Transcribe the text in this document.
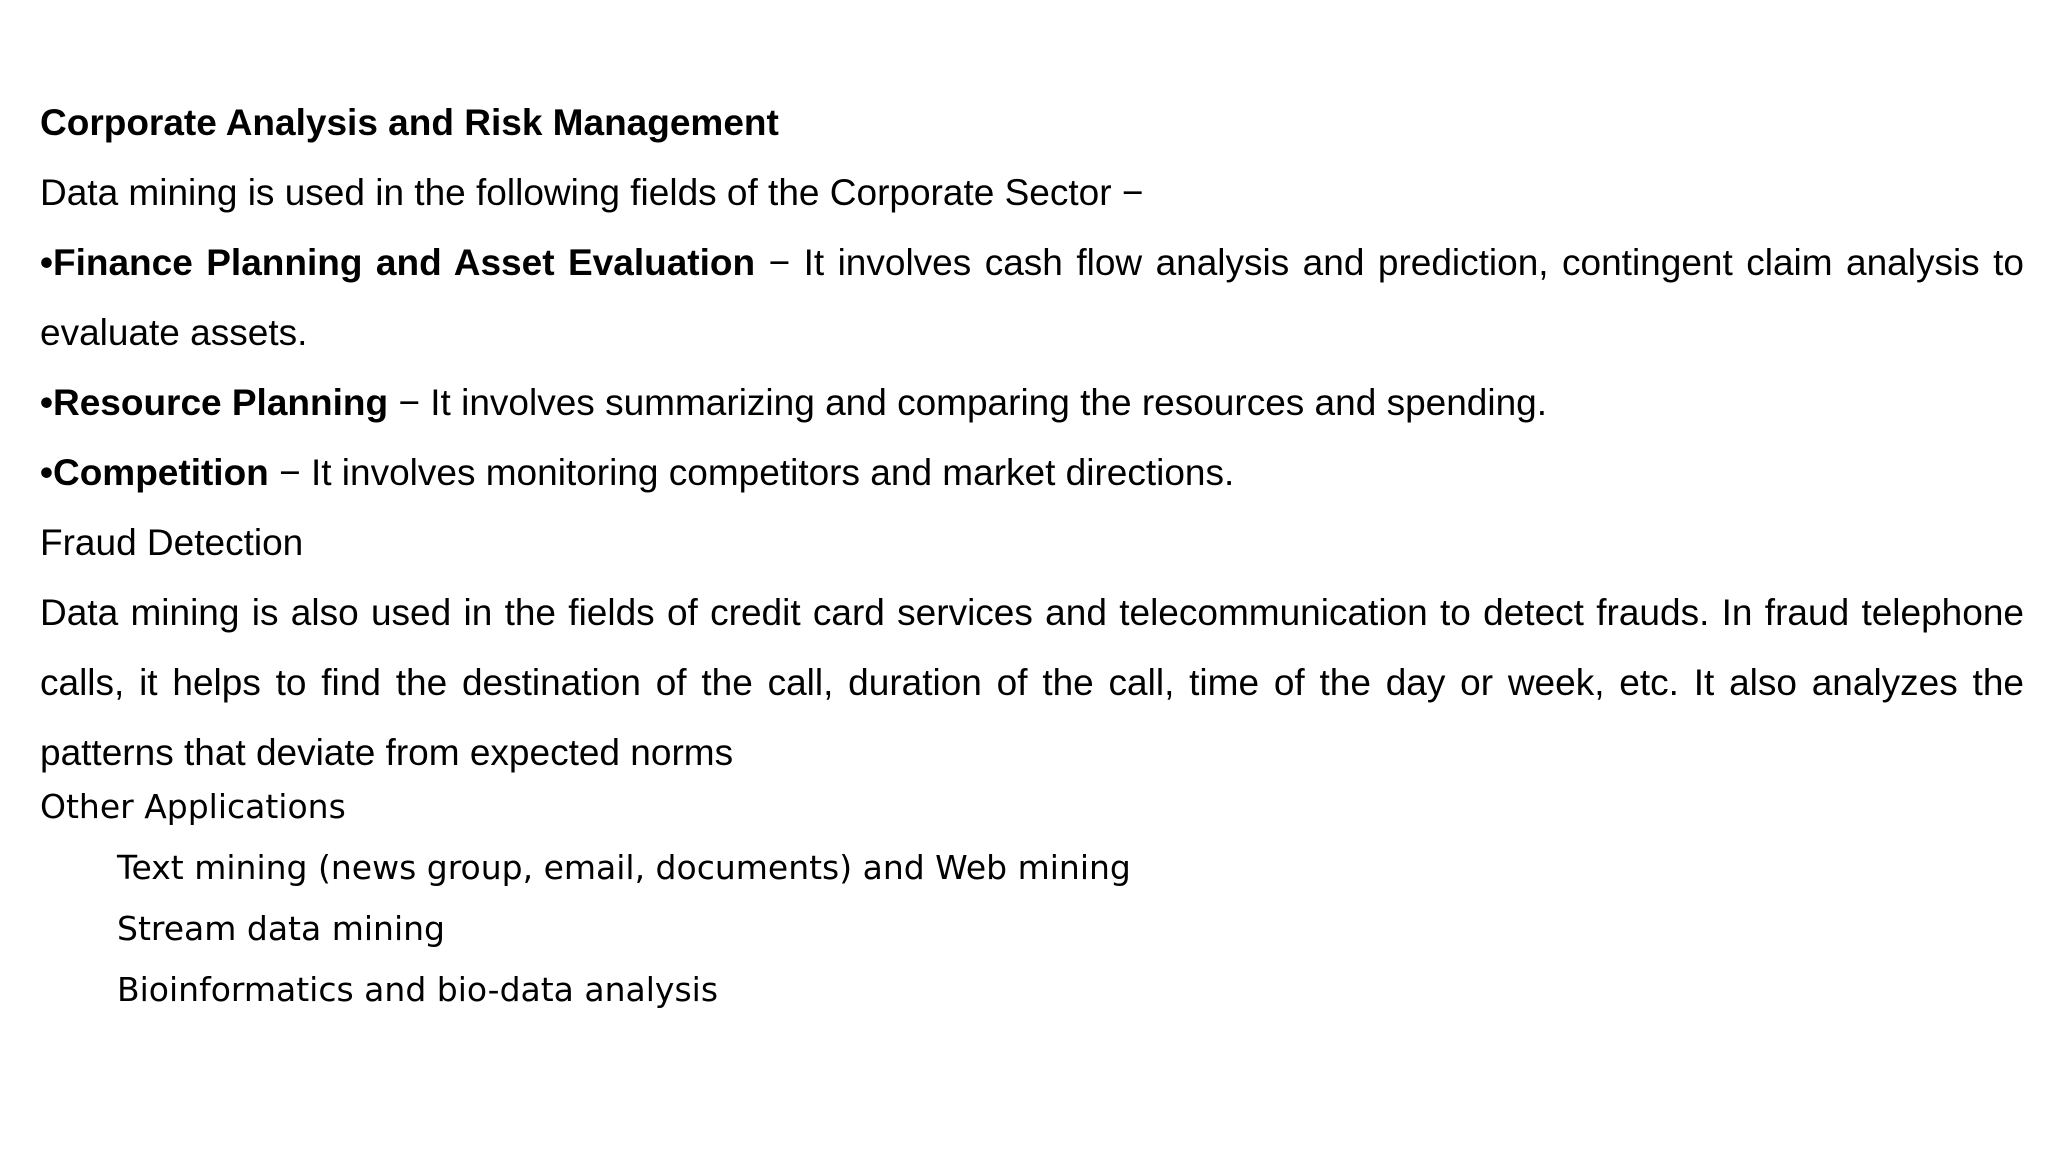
Corporate Analysis and Risk Management

Data mining is used in the following fields of the Corporate Sector −

•Finance Planning and Asset Evaluation − It involves cash flow analysis and prediction, contingent claim analysis to evaluate assets.

•Resource Planning − It involves summarizing and comparing the resources and spending.

•Competition − It involves monitoring competitors and market directions.

Fraud Detection

Data mining is also used in the fields of credit card services and telecommunication to detect frauds. In fraud telephone calls, it helps to find the destination of the call, duration of the call, time of the day or week, etc. It also analyzes the patterns that deviate from expected norms

Other Applications
Text mining (news group, email, documents) and Web mining
Stream data mining
Bioinformatics and bio-data analysis
